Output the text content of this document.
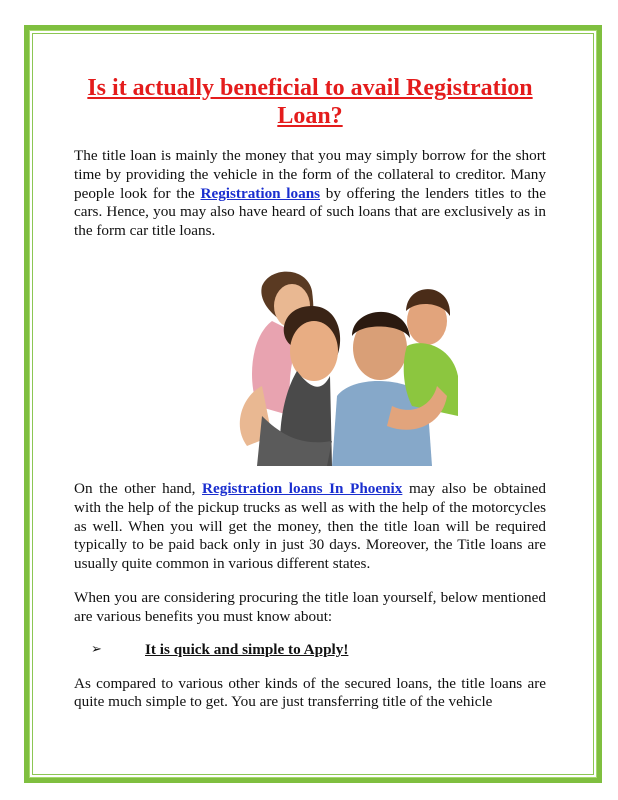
Is it actually beneficial to avail Registration Loan?

The title loan is mainly the money that you may simply borrow for the short time by providing the vehicle in the form of the collateral to creditor. Many people look for the Registration loans by offering the lenders titles to the cars. Hence, you may also have heard of such loans that are exclusively as in the form car title loans.

On the other hand, Registration loans In Phoenix may also be obtained with the help of the pickup trucks as well as with the help of the motorcycles as well. When you will get the money, then the title loan will be required typically to be paid back only in just 30 days. Moreover, the Title loans are usually quite common in various different states.

When you are considering procuring the title loan yourself, below mentioned are various benefits you must know about:

➢	It is quick and simple to Apply!

As compared to various other kinds of the secured loans, the title loans are quite much simple to get. You are just transferring title of the vehicle
